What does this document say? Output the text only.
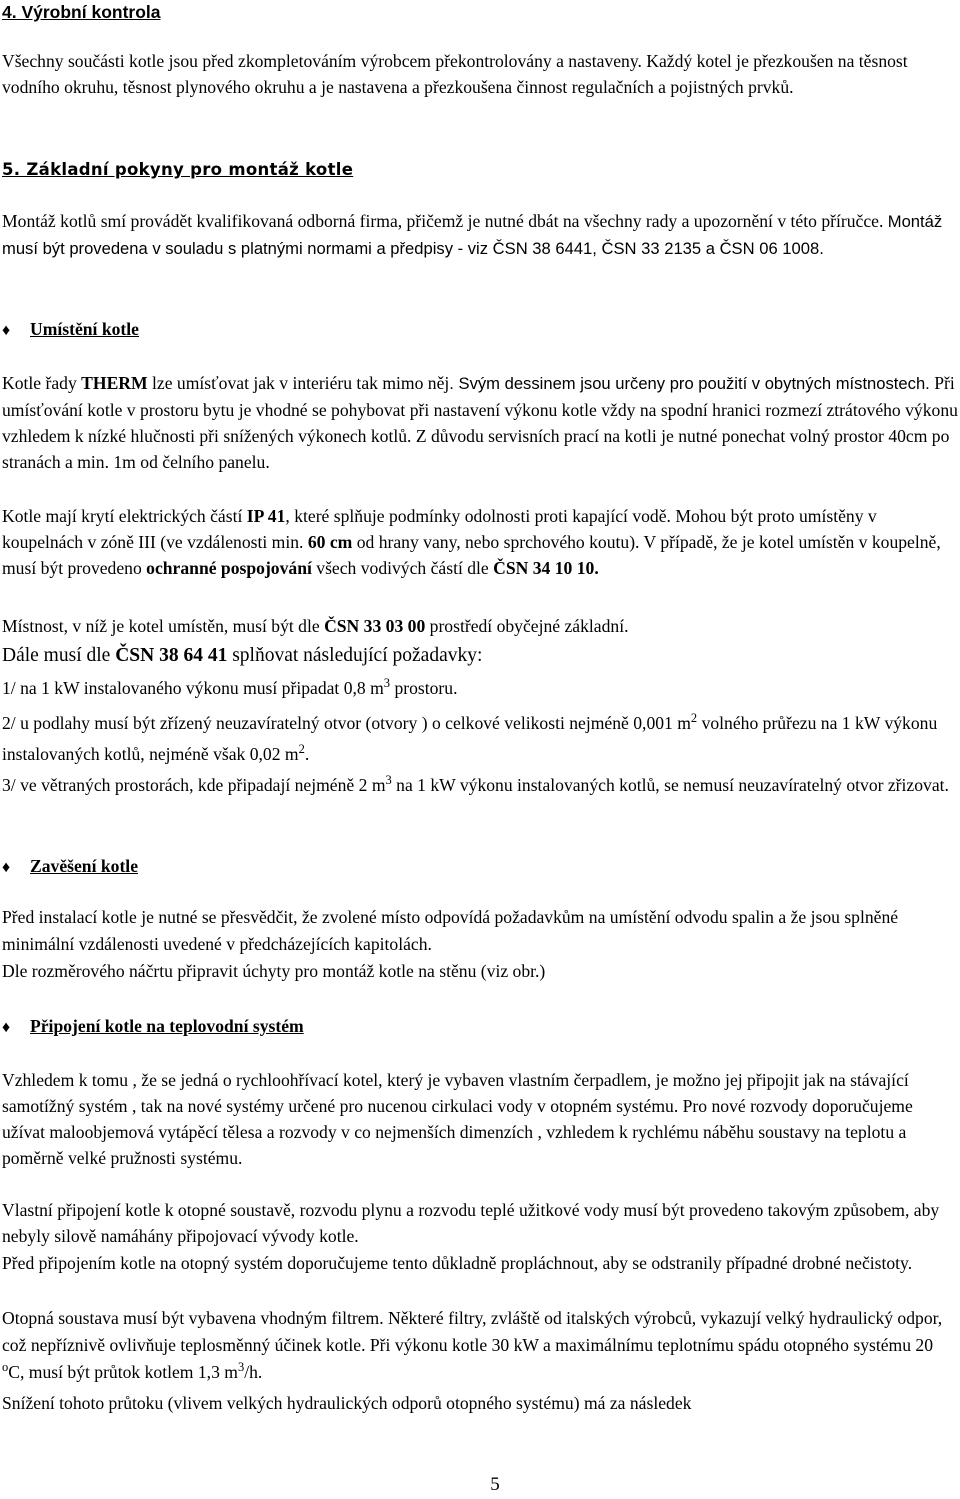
4. Výrobní kontrola

Všechny součásti kotle jsou před zkompletováním výrobcem překontrolovány a nastaveny. Každý kotel je přezkoušen na těsnost vodního okruhu, těsnost plynového okruhu a je nastavena a přezkoušena činnost regulačních a pojistných prvků.

5. Základní pokyny pro montáž kotle

Montáž kotlů smí provádět kvalifikovaná odborná firma, přičemž je nutné dbát na všechny rady a upozornění v této příručce. Montáž musí být provedena v souladu s platnými normami a předpisy - viz ČSN 38 6441, ČSN 33 2135 a ČSN 06 1008.

♦ Umístění kotle

Kotle řady THERM lze umísťovat jak v interiéru tak mimo něj. Svým dessinem jsou určeny pro použití v obytných místnostech. Při umísťování kotle v prostoru bytu je vhodné se pohybovat při nastavení výkonu kotle vždy na spodní hranici rozmezí ztrátového výkonu vzhledem k nízké hlučnosti při snížených výkonech kotlů. Z důvodu servisních prací na kotli je nutné ponechat volný prostor 40cm po stranách a min. 1m od čelního panelu.

Kotle mají krytí elektrických částí IP 41, které splňuje podmínky odolnosti proti kapající vodě. Mohou být proto umístěny v koupelnách v zóně III (ve vzdálenosti min. 60 cm od hrany vany, nebo sprchového koutu). V případě, že je kotel umístěn v koupelně, musí být provedeno ochranné pospojování všech vodivých částí dle ČSN 34 10 10.

Místnost, v níž je kotel umístěn, musí být dle ČSN 33 03 00 prostředí obyčejné základní.

Dále musí dle ČSN 38 64 41 splňovat následující požadavky:

1/ na 1 kW instalovaného výkonu musí připadat 0,8 $m^3$ prostoru.

2/ u podlahy musí být zřízený neuzavíratelný otvor (otvory ) o celkové velikosti nejméně 0,001 $m^2$ volného průřezu na 1 kW výkonu instalovaných kotlů, nejméně však 0,02 $m^2$.

3/ ve větraných prostorách, kde připadají nejméně 2 $m^3$ na 1 kW výkonu instalovaných kotlů, se nemusí neuzavíratelný otvor zřizovat.

♦ Zavěšení kotle

Před instalací kotle je nutné se přesvědčit, že zvolené místo odpovídá požadavkům na umístění odvodu spalin a že jsou splněné minimální vzdálenosti uvedené v předcházejících kapitolách.

Dle rozměrového náčrtu připravit úchyty pro montáž kotle na stěnu (viz obr.)

♦ Připojení kotle na teplovodní systém

Vzhledem k tomu , že se jedná o rychloohřívací kotel, který je vybaven vlastním čerpadlem, je možno jej připojit jak na stávající samotížný systém , tak na nové systémy určené pro nucenou cirkulaci vody v otopném systému. Pro nové rozvody doporučujeme užívat maloobjemová vytápěcí tělesa a rozvody v co nejmenších dimenzích , vzhledem k rychlému náběhu soustavy na teplotu a poměrně velké pružnosti systému.

Vlastní připojení kotle k otopné soustavě, rozvodu plynu a rozvodu teplé užitkové vody musí být provedeno takovým způsobem, aby nebyly silově namáhány připojovací vývody kotle.

Před připojením kotle na otopný systém doporučujeme tento důkladně propláchnout, aby se odstranily případné drobné nečistoty.

Otopná soustava musí být vybavena vhodným filtrem. Některé filtry, zvláště od italských výrobců, vykazují velký hydraulický odpor, což nepříznivě ovlivňuje teplosměnný účinek kotle. Při výkonu kotle 30 kW a maximálnímu teplotnímu spádu otopného systému 20 $^o$C, musí být průtok kotlem 1,3 $m^3/h$.

Snížení tohoto průtoku (vlivem velkých hydraulických odporů otopného systému) má za následek

5
